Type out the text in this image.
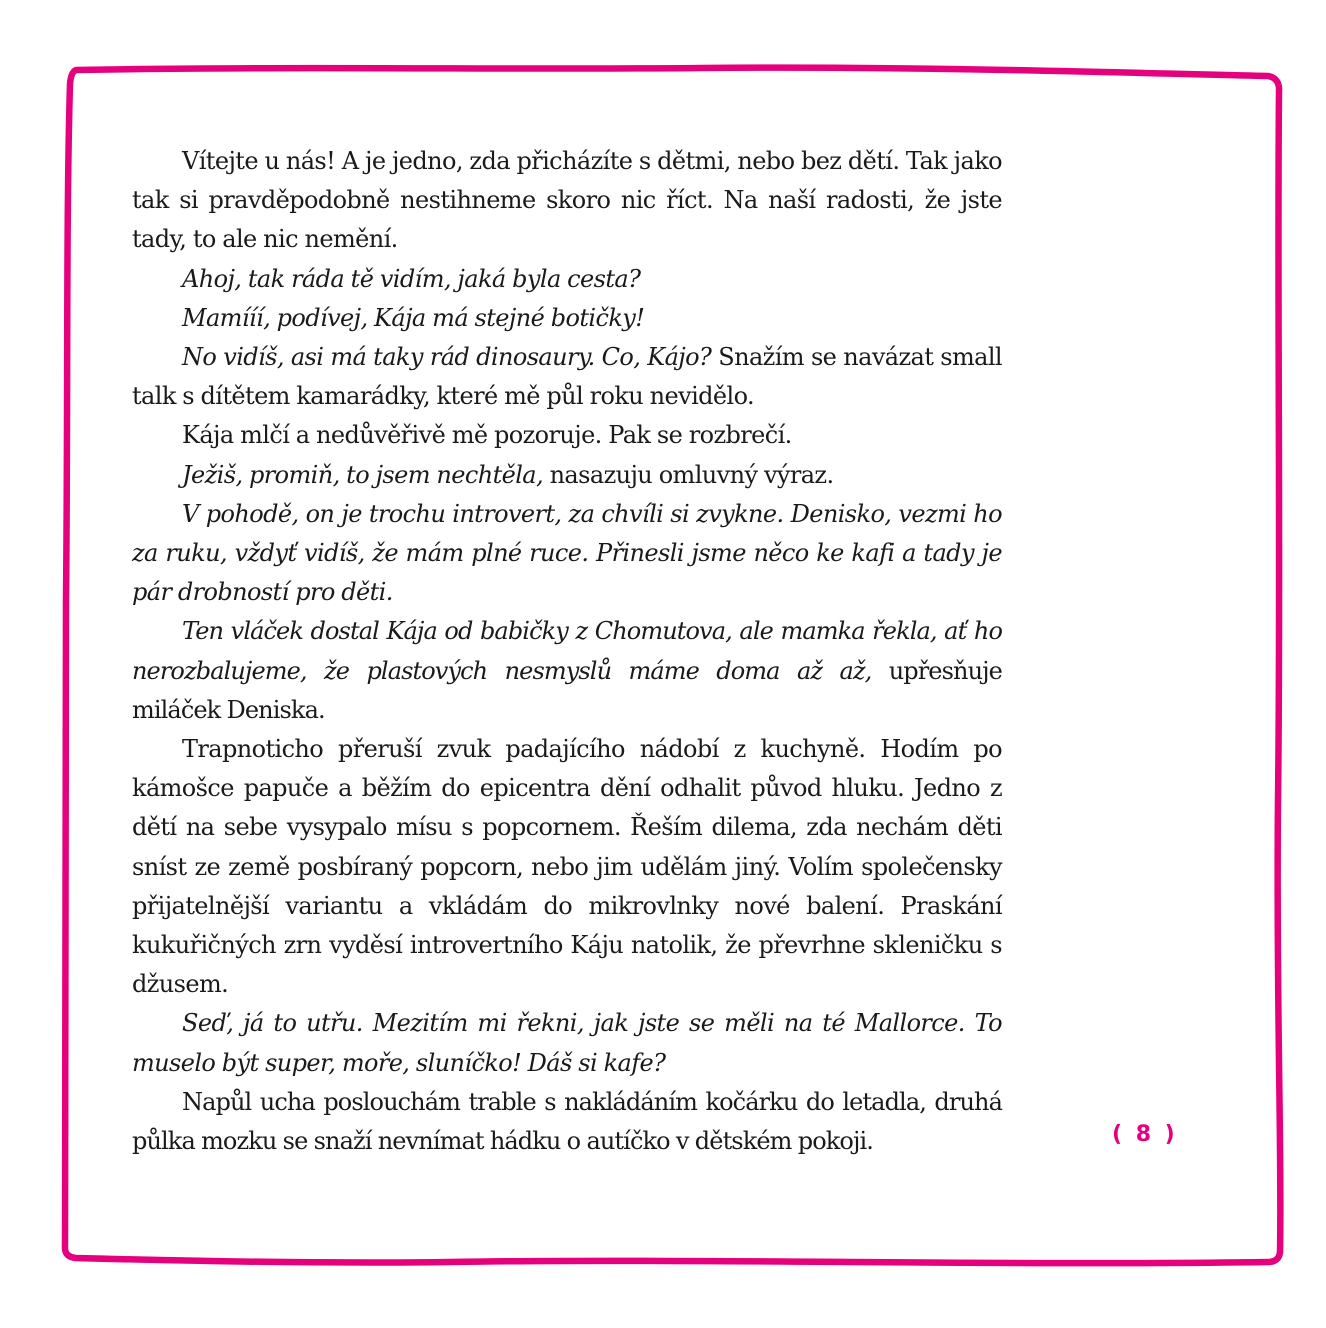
Vítejte u nás! A je jedno, zda přicházíte s dětmi, nebo bez dětí. Tak jako tak si pravděpodobně nestihneme skoro nic říct. Na naší radosti, že jste tady, to ale nic nemění.

Ahoj, tak ráda tě vidím, jaká byla cesta?

Mamííí, podívej, Kája má stejné botičky!

No vidíš, asi má taky rád dinosaury. Co, Kájo? Snažím se navázat small talk s dítětem kamarádky, které mě půl roku nevidělo.

Kája mlčí a nedůvěřivě mě pozoruje. Pak se rozbrečí.

Ježiš, promiň, to jsem nechtěla, nasazuju omluvný výraz.

V pohodě, on je trochu introvert, za chvíli si zvykne. Denisko, vezmi ho za ruku, vždyť vidíš, že mám plné ruce. Přinesli jsme něco ke kafi a tady je pár drobností pro děti.

Ten vláček dostal Kája od babičky z Chomutova, ale mamka řekla, ať ho nerozbalujeme, že plastových nesmyslů máme doma až až, upřesňuje miláček Deniska.

Trapnoticho přeruší zvuk padajícího nádobí z kuchyně. Hodím po kámošce papuče a běžím do epicentra dění odhalit původ hluku. Jedno z dětí na sebe vysypalo mísu s popcornem. Řeším dilema, zda nechám děti sníst ze země posbíraný popcorn, nebo jim udělám jiný. Volím společensky přijatelnější variantu a vkládám do mikrovlnky nové balení. Praskání kukuřičných zrn vyděsí introvertního Káju natolik, že převrhne skleničku s džusem.

Seď, já to utřu. Mezitím mi řekni, jak jste se měli na té Mallorce. To muselo být super, moře, sluníčko! Dáš si kafe?

Napůl ucha poslouchám trable s nakládáním kočárku do letadla, druhá půlka mozku se snaží nevnímat hádku o autíčko v dětském pokoji.	( 8 )
